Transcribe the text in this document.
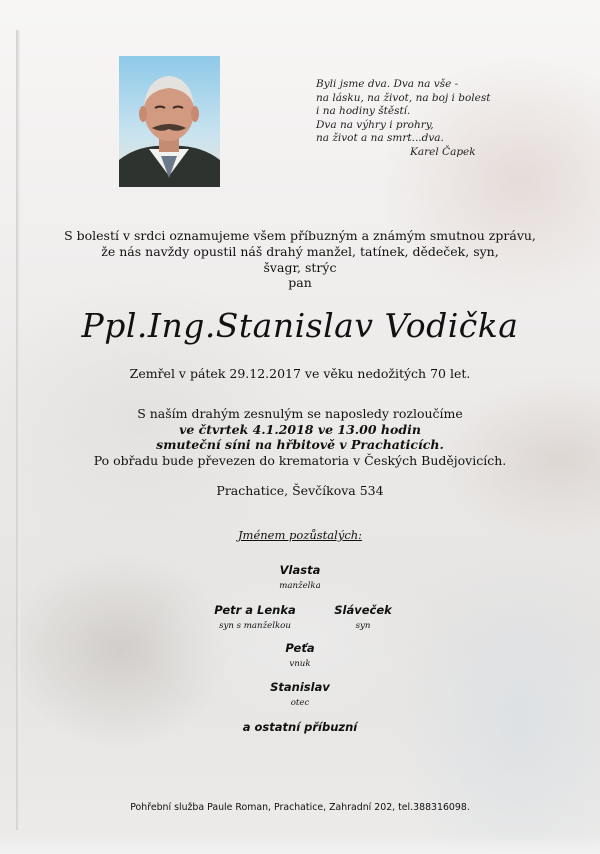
Byli jsme dva. Dva na vše -
na lásku, na život, na boj i bolest
i na hodiny štěstí.
Dva na výhry i prohry,
na život a na smrt...dva.
Karel Čapek
S bolestí v srdci oznamujeme všem příbuzným a známým smutnou zprávu,
že nás navždy opustil náš drahý manžel, tatínek, dědeček, syn,
švagr, strýc
pan
Ppl.Ing.Stanislav Vodička
Zemřel v pátek 29.12.2017 ve věku nedožitých 70 let.
S naším drahým zesnulým se naposledy rozloučíme
ve čtvrtek 4.1.2018 ve 13.00 hodin
smuteční síni na hřbitově v Prachaticích.
Po obřadu bude převezen do krematoria v Českých Budějovicích.
Prachatice, Ševčíkova 534
Jménem pozůstalých:
Vlasta
manželka
Petr a Lenka
syn s manželkou
Sláveček
syn
Peťa
vnuk
Stanislav
otec
a ostatní příbuzní
Pohřební služba Paule Roman, Prachatice, Zahradní 202, tel.388316098.
